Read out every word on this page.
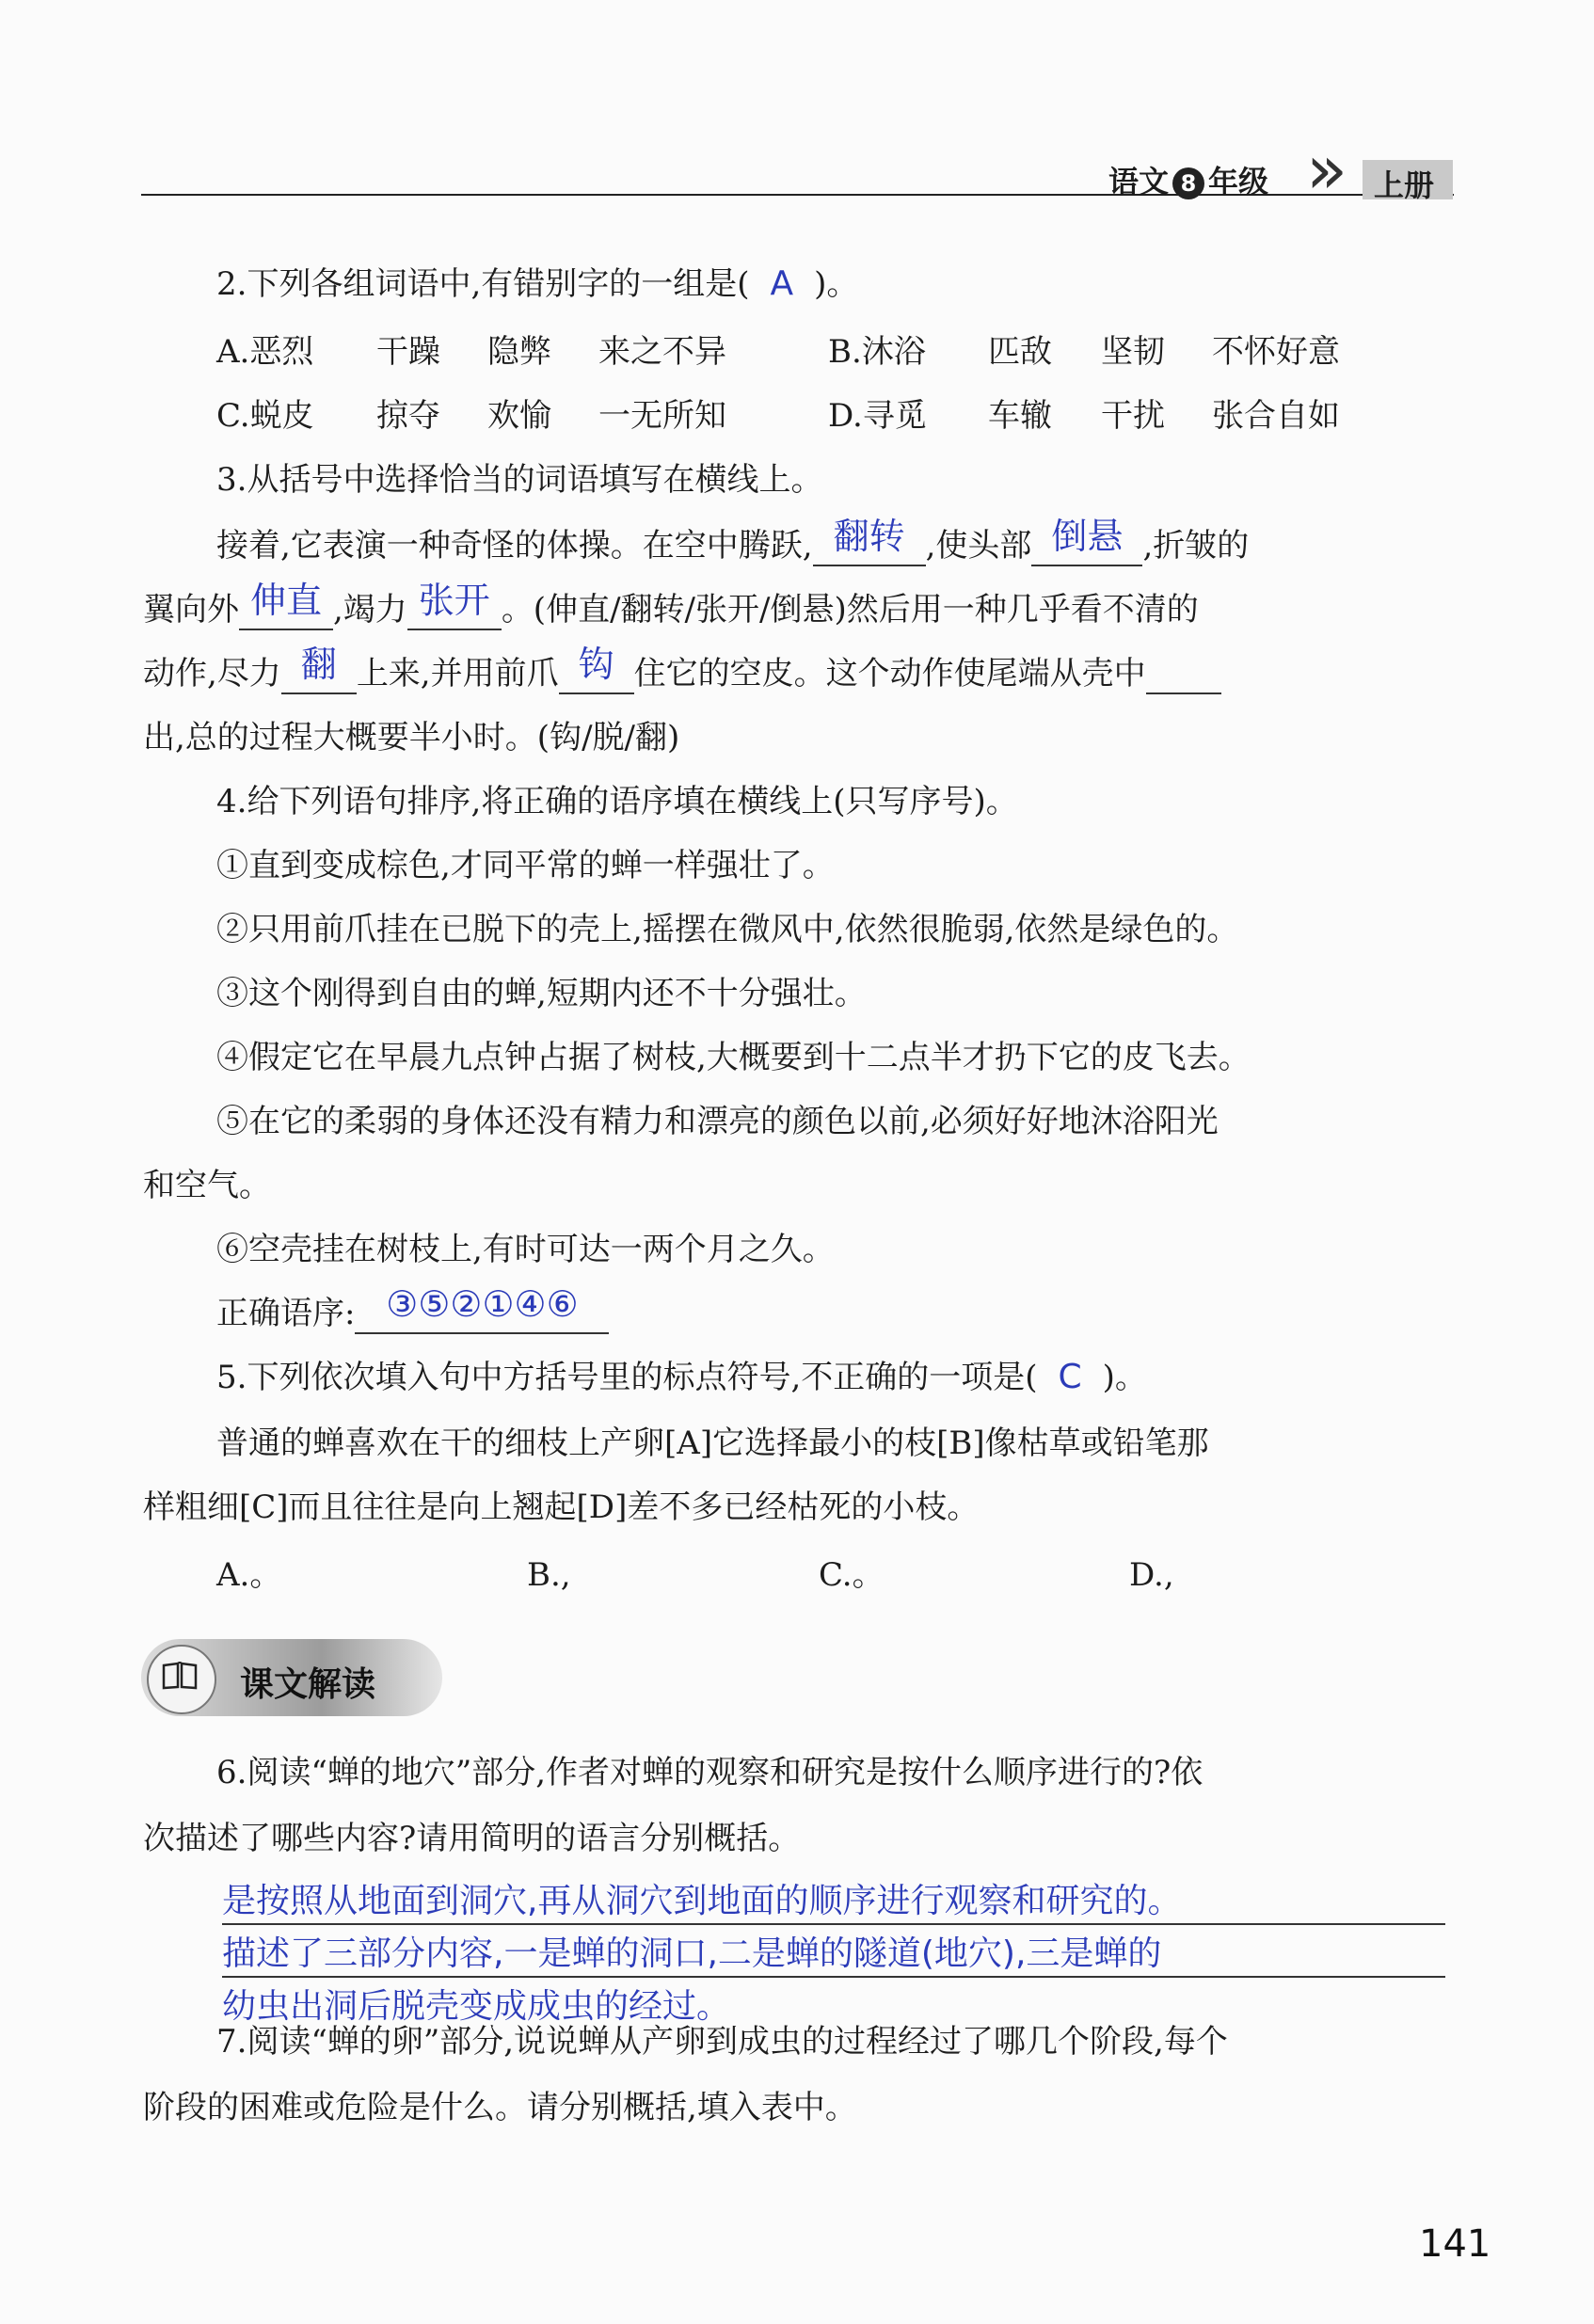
语文 8 年级 » 上册
2.下列各组词语中,有错别字的一组是( A )。
A.恶烈 干躁 隐弊 来之不异	B.沐浴 匹敌 坚韧 不怀好意
C.蜕皮 掠夺 欢愉 一无所知	D.寻觅 车辙 干扰 张合自如
3.从括号中选择恰当的词语填写在横线上。
接着,它表演一种奇怪的体操。在空中腾跃, 翻转 ,使头部 倒悬 ,折皱的
翼向外 伸直 ,竭力 张开 。(伸直/翻转/张开/倒悬)然后用一种几乎看不清的
动作,尽力 翻 上来,并用前爪 钩 住它的空皮。这个动作使尾端从壳中
出,总的过程大概要半小时。(钩/脱/翻)
4.给下列语句排序,将正确的语序填在横线上(只写序号)。
①直到变成棕色,才同平常的蝉一样强壮了。
②只用前爪挂在已脱下的壳上,摇摆在微风中,依然很脆弱,依然是绿色的。
③这个刚得到自由的蝉,短期内还不十分强壮。
④假定它在早晨九点钟占据了树枝,大概要到十二点半才扔下它的皮飞去。
⑤在它的柔弱的身体还没有精力和漂亮的颜色以前,必须好好地沐浴阳光
和空气。
⑥空壳挂在树枝上,有时可达一两个月之久。
正确语序: ③⑤②①④⑥
5.下列依次填入句中方括号里的标点符号,不正确的一项是( C )。
普通的蝉喜欢在干的细枝上产卵[A]它选择最小的枝[B]像枯草或铅笔那
样粗细[C]而且往往是向上翘起[D]差不多已经枯死的小枝。
A.。	B.,	C.。	D.,
课文解读
6.阅读“蝉的地穴”部分,作者对蝉的观察和研究是按什么顺序进行的?依
次描述了哪些内容?请用简明的语言分别概括。
是按照从地面到洞穴,再从洞穴到地面的顺序进行观察和研究的。
描述了三部分内容,一是蝉的洞口,二是蝉的隧道(地穴),三是蝉的
幼虫出洞后脱壳变成成虫的经过。
7.阅读“蝉的卵”部分,说说蝉从产卵到成虫的过程经过了哪几个阶段,每个
阶段的困难或危险是什么。请分别概括,填入表中。
141
